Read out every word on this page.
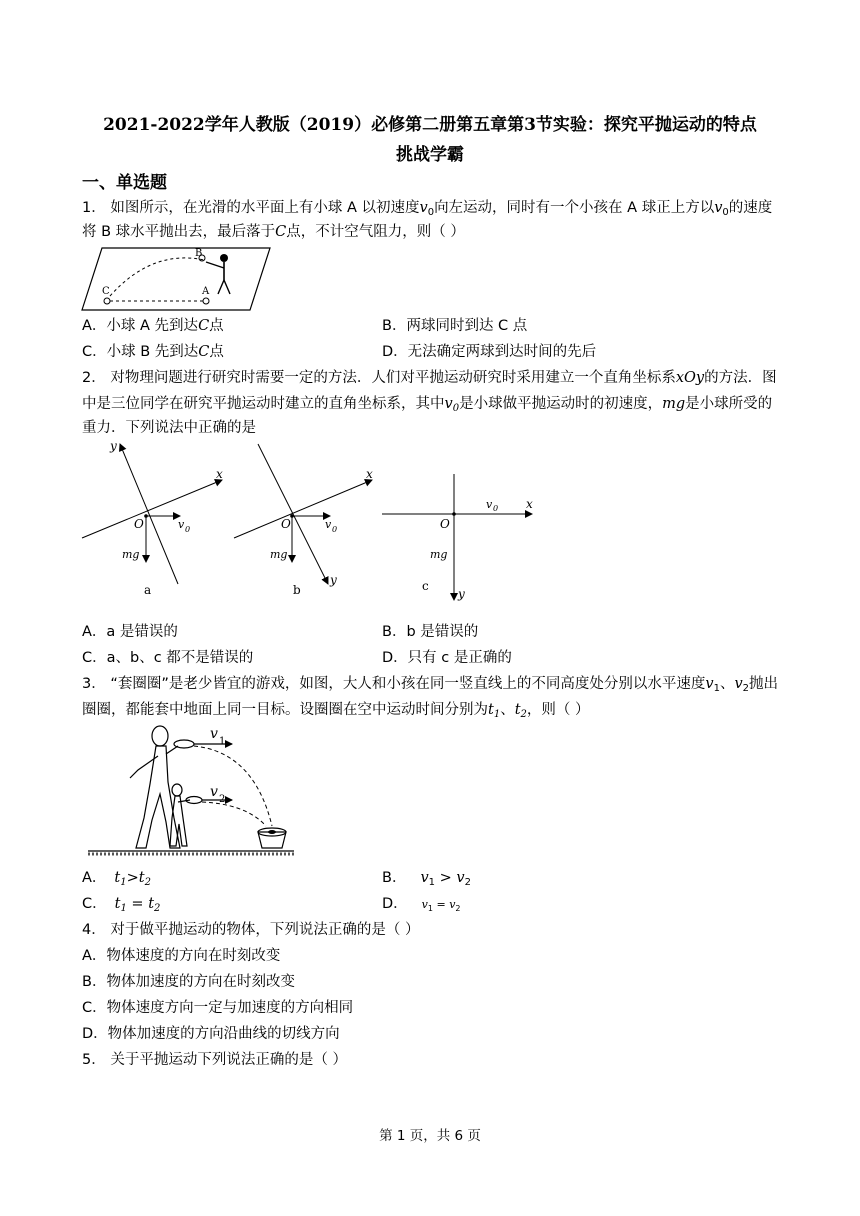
2021-2022学年人教版（2019）必修第二册第五章第3节实验：探究平抛运动的特点
挑战学霸
一、单选题
1． 如图所示，在光滑的水平面上有小球 A 以初速度$v_0$向左运动，同时有一个小孩在 A 球正上方以$v_0$的速度
将 B 球水平抛出去，最后落于C点，不计空气阻力，则（ ）
C	A
B
A．小球 A 先到达C点	B．两球同时到达 C 点
C．小球 B 先到达C点	D．无法确定两球到达时间的先后
2． 对物理问题进行研究时需要一定的方法．人们对平抛运动研究时采用建立一个直角坐标系xOy的方法．图
中是三位同学在研究平抛运动时建立的直角坐标系，其中$v_0$是小球做平抛运动时的初速度，mg是小球所受的
重力．下列说法中正确的是
x
y
O	v 0
mg
a
x
y
O	v 0
mg
b
x
y
O
v 0
mg
c
A．a 是错误的	B．b 是错误的
C．a、b、c 都不是错误的	D．只有 c 是正确的
3． “套圈圈”是老少皆宜的游戏，如图，大人和小孩在同一竖直线上的不同高度处分别以水平速度$v_1$、$v_2$抛出
圈圈，都能套中地面上同一目标。设圈圈在空中运动时间分别为$t_1$、$t_2$，则（ ）
v 1
v 2
A． $t_1>t_2$	B． $v_1 > v_2$
C． $t_1 = t_2$	D． $v_1 = v_2$
4． 对于做平抛运动的物体，下列说法正确的是（ ）
A．物体速度的方向在时刻改变
B．物体加速度的方向在时刻改变
C．物体速度方向一定与加速度的方向相同
D．物体加速度的方向沿曲线的切线方向
5． 关于平抛运动下列说法正确的是（ ）
第 1 页，共 6 页
